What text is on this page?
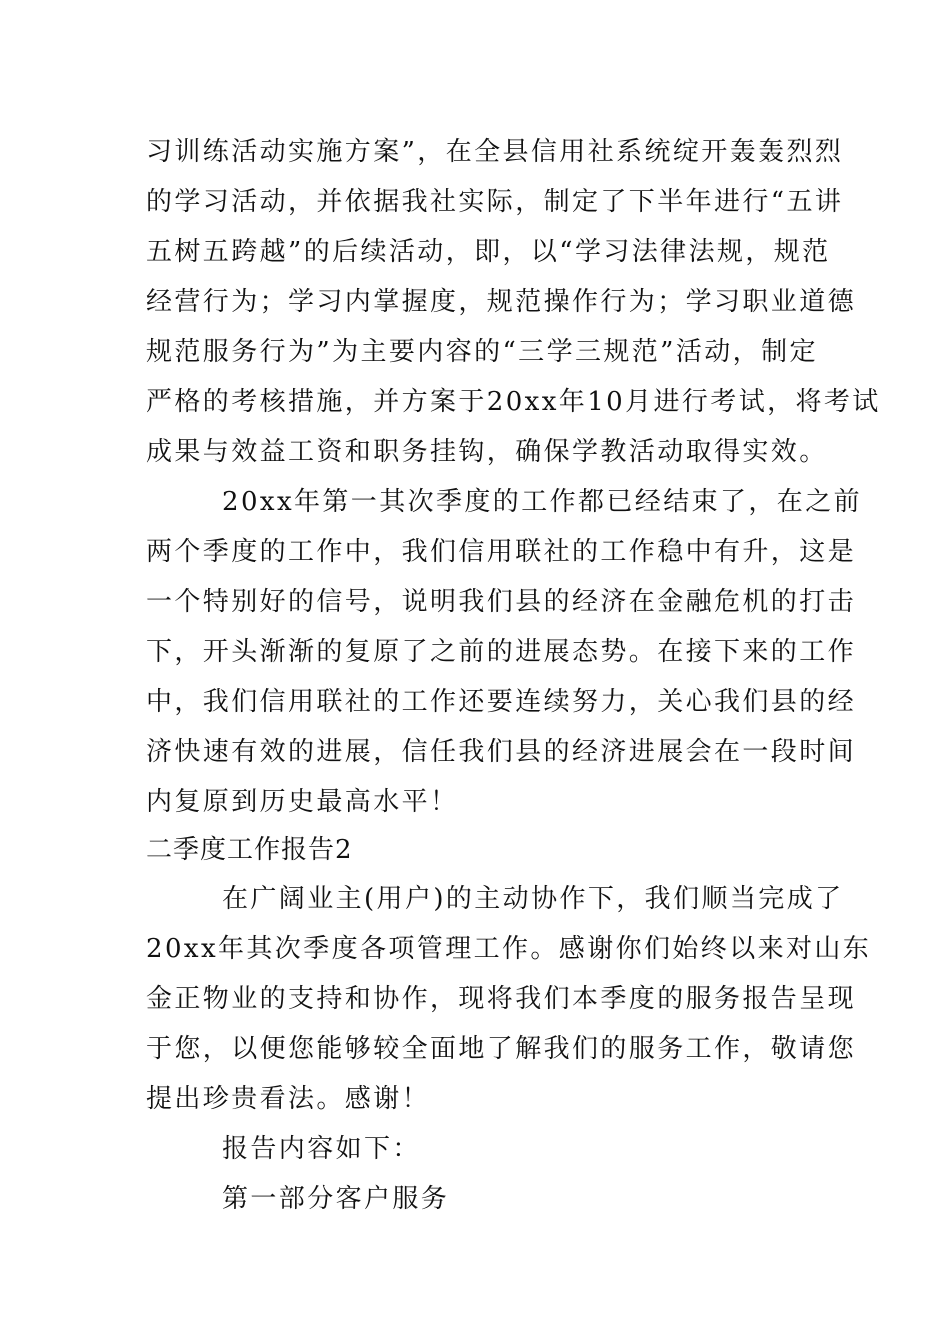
习训练活动实施方案”，在全县信用社系统绽开轰轰烈烈
的学习活动，并依据我社实际，制定了下半年进行“五讲
五树五跨越”的后续活动，即，以“学习法律法规，规范
经营行为；学习内掌握度，规范操作行为；学习职业道德
规范服务行为”为主要内容的“三学三规范”活动，制定
严格的考核措施，并方案于20xx年10月进行考试，将考试
成果与效益工资和职务挂钩，确保学教活动取得实效。
20xx年第一其次季度的工作都已经结束了，在之前
两个季度的工作中，我们信用联社的工作稳中有升，这是
一个特别好的信号，说明我们县的经济在金融危机的打击
下，开头渐渐的复原了之前的进展态势。在接下来的工作
中，我们信用联社的工作还要连续努力，关心我们县的经
济快速有效的进展，信任我们县的经济进展会在一段时间
内复原到历史最高水平！
二季度工作报告2
在广阔业主(用户)的主动协作下，我们顺当完成了
20xx年其次季度各项管理工作。感谢你们始终以来对山东
金正物业的支持和协作，现将我们本季度的服务报告呈现
于您，以便您能够较全面地了解我们的服务工作，敬请您
提出珍贵看法。感谢！
报告内容如下：
第一部分客户服务
